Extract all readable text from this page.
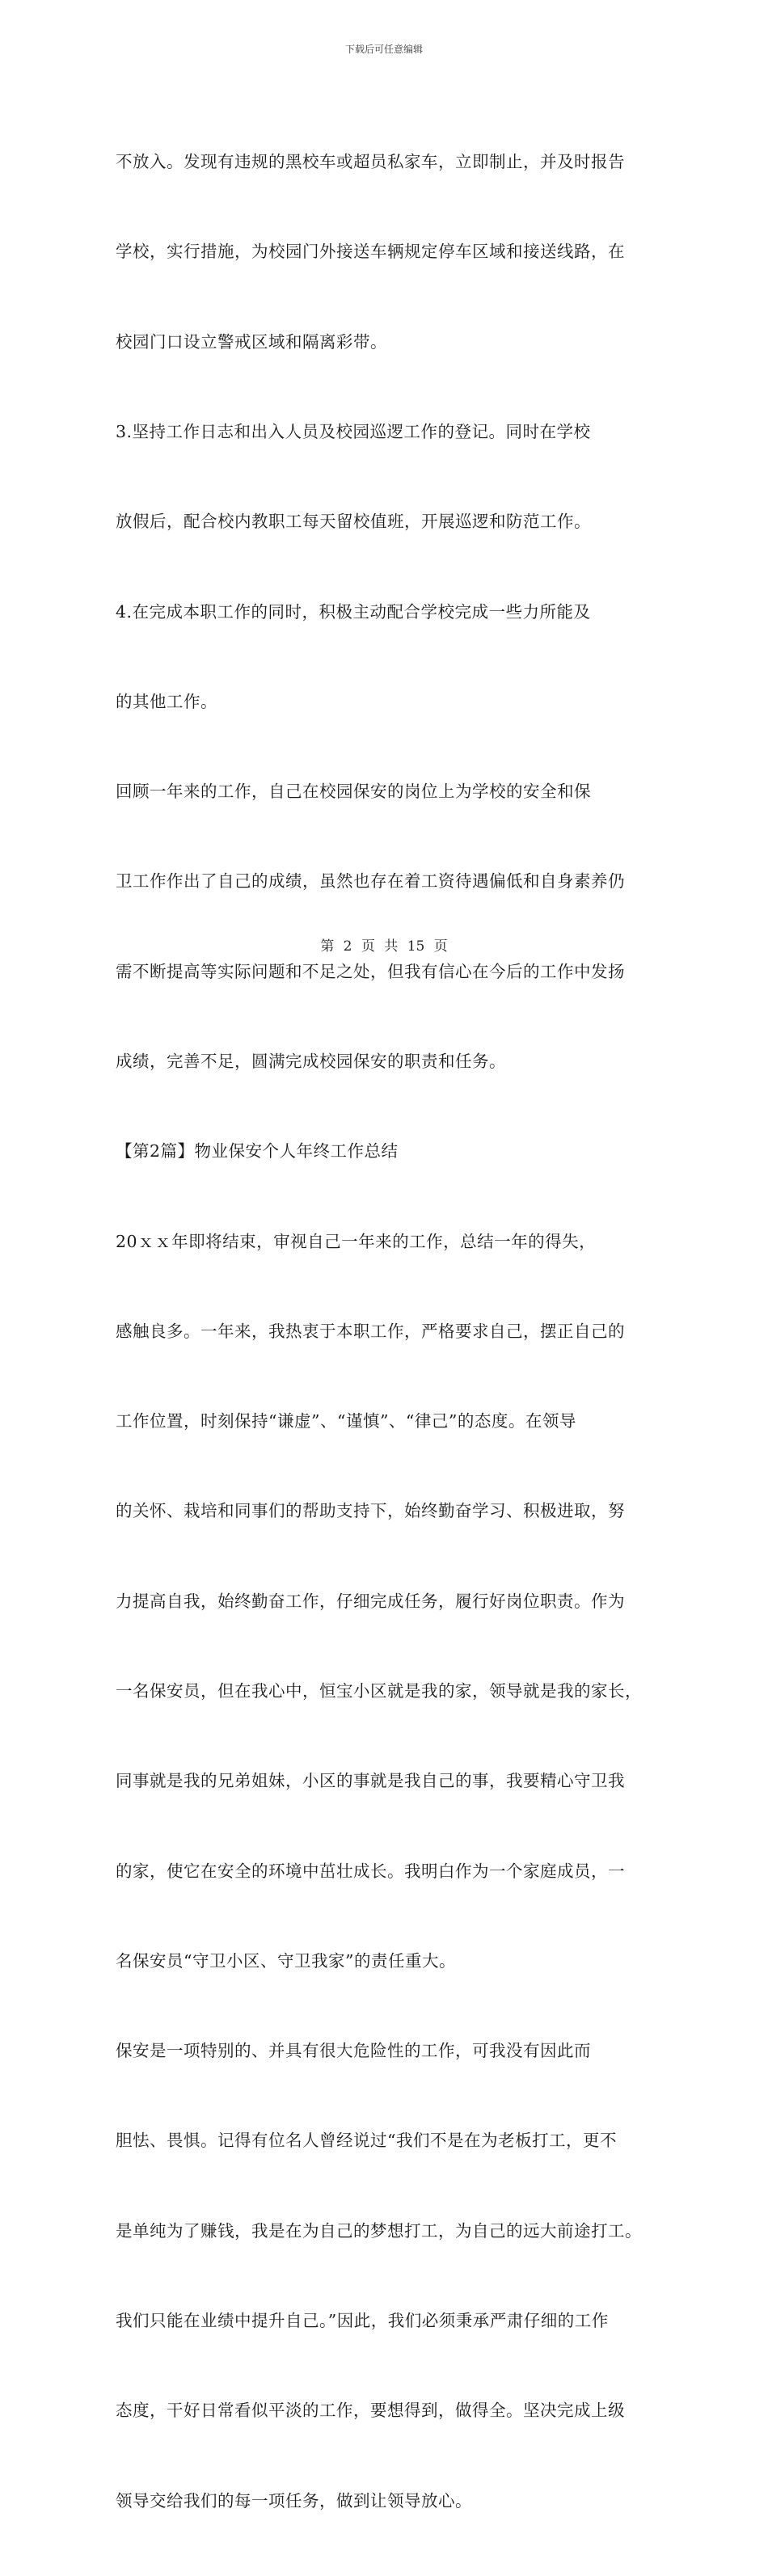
下载后可任意编辑

不放入。发现有违规的黑校车或超员私家车，立即制止，并及时报告

学校，实行措施，为校园门外接送车辆规定停车区域和接送线路，在

校园门口设立警戒区域和隔离彩带。

3.坚持工作日志和出入人员及校园巡逻工作的登记。同时在学校

放假后，配合校内教职工每天留校值班，开展巡逻和防范工作。

4.在完成本职工作的同时，积极主动配合学校完成一些力所能及

的其他工作。

回顾一年来的工作，自己在校园保安的岗位上为学校的安全和保

卫工作作出了自己的成绩，虽然也存在着工资待遇偏低和自身素养仍

需不断提高等实际问题和不足之处，但我有信心在今后的工作中发扬

成绩，完善不足，圆满完成校园保安的职责和任务。

【第2篇】物业保安个人年终工作总结

20ｘｘ年即将结束，审视自己一年来的工作，总结一年的得失，

感触良多。一年来，我热衷于本职工作，严格要求自己，摆正自己的

工作位置，时刻保持“谦虚”、“谨慎”、“律己”的态度。在领导

的关怀、栽培和同事们的帮助支持下，始终勤奋学习、积极进取，努

力提高自我，始终勤奋工作，仔细完成任务，履行好岗位职责。作为

一名保安员，但在我心中，恒宝小区就是我的家，领导就是我的家长，

同事就是我的兄弟姐妹，小区的事就是我自己的事，我要精心守卫我

的家，使它在安全的环境中茁壮成长。我明白作为一个家庭成员，一

名保安员“守卫小区、守卫我家”的责任重大。

保安是一项特别的、并具有很大危险性的工作，可我没有因此而

胆怯、畏惧。记得有位名人曾经说过“我们不是在为老板打工，更不

是单纯为了赚钱，我是在为自己的梦想打工，为自己的远大前途打工。

我们只能在业绩中提升自己。”因此，我们必须秉承严肃仔细的工作

态度，干好日常看似平淡的工作，要想得到，做得全。坚决完成上级

领导交给我们的每一项任务，做到让领导放心。

第 2 页 共 15 页
